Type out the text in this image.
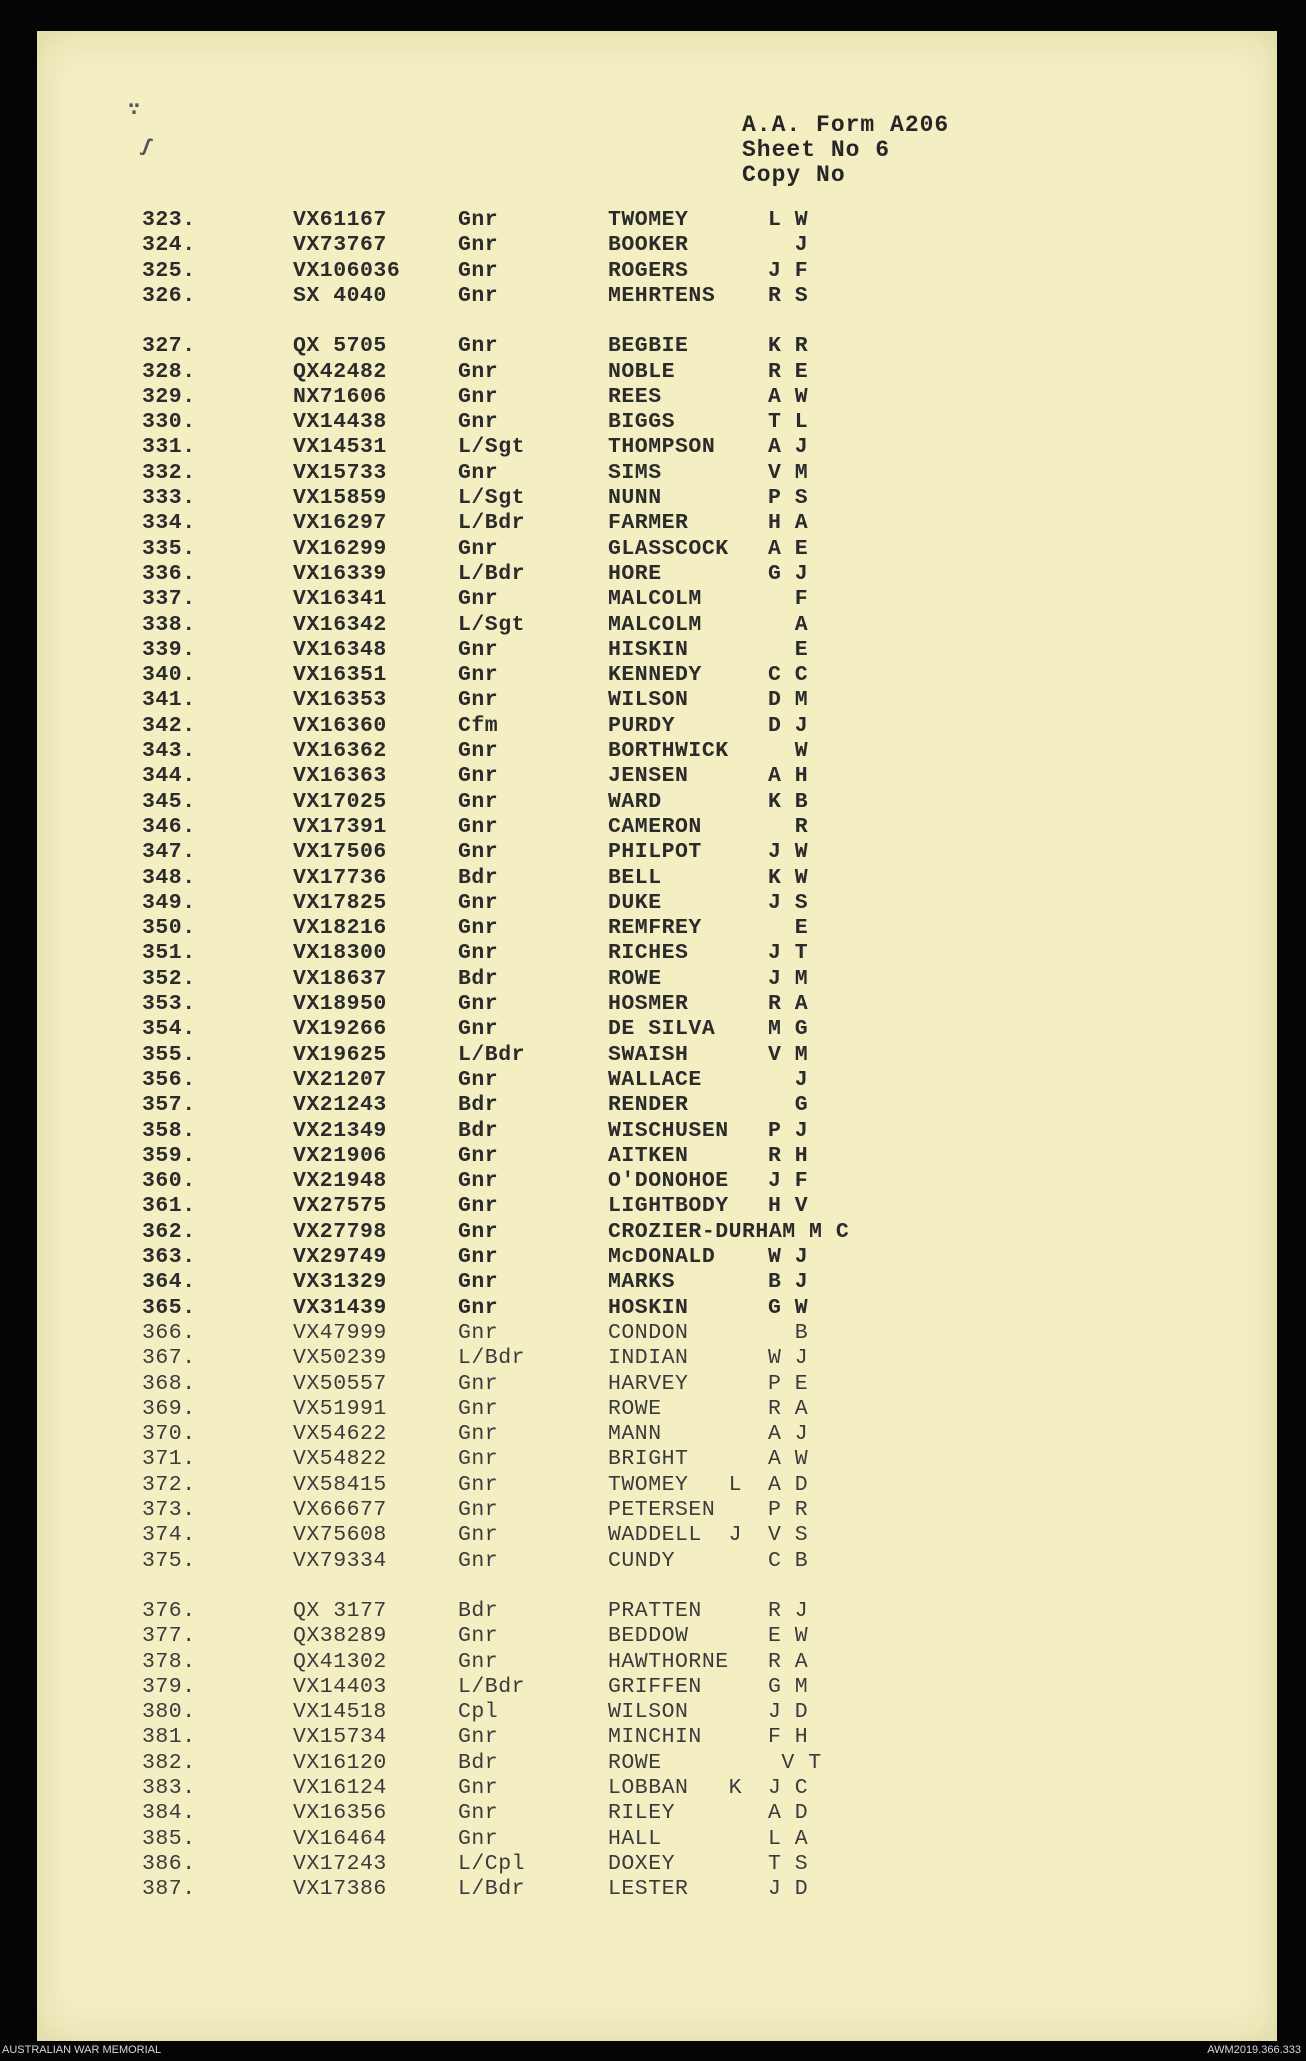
∵
ʃ
A.A. Form A206
Sheet No 6
Copy No
323.	VX61167	Gnr	TWOMEY	L W
324.	VX73767	Gnr	BOOKER	J
325.	VX106036	Gnr	ROGERS	J F
326.	SX 4040	Gnr	MEHRTENS R S
327.	QX 5705	Gnr	BEGBIE	K R
328.	QX42482	Gnr	NOBLE	R E
329.	NX71606	Gnr	REES	A W
330.	VX14438	Gnr	BIGGS	T L
331.	VX14531	L/Sgt	THOMPSON A J
332.	VX15733	Gnr	SIMS	V M
333.	VX15859	L/Sgt	NUNN	P S
334.	VX16297	L/Bdr	FARMER	H A
335.	VX16299	Gnr	GLASSCOCK A E
336.	VX16339	L/Bdr	HORE	G J
337.	VX16341	Gnr	MALCOLM	F
338.	VX16342	L/Sgt	MALCOLM	A
339.	VX16348	Gnr	HISKIN	E
340.	VX16351	Gnr	KENNEDY	C C
341.	VX16353	Gnr	WILSON	D M
342.	VX16360	Cfm	PURDY	D J
343.	VX16362	Gnr	BORTHWICK W
344.	VX16363	Gnr	JENSEN	A H
345.	VX17025	Gnr	WARD	K B
346.	VX17391	Gnr	CAMERON	R
347.	VX17506	Gnr	PHILPOT	J W
348.	VX17736	Bdr	BELL	K W
349.	VX17825	Gnr	DUKE	J S
350.	VX18216	Gnr	REMFREY	E
351.	VX18300	Gnr	RICHES	J T
352.	VX18637	Bdr	ROWE	J M
353.	VX18950	Gnr	HOSMER	R A
354.	VX19266	Gnr	DE SILVA M G
355.	VX19625	L/Bdr	SWAISH	V M
356.	VX21207	Gnr	WALLACE	J
357.	VX21243	Bdr	RENDER	G
358.	VX21349	Bdr	WISCHUSEN P J
359.	VX21906	Gnr	AITKEN	R H
360.	VX21948	Gnr	O'DONOHOE J F
361.	VX27575	Gnr	LIGHTBODY H V
362.	VX27798	Gnr	CROZIER-DURHAM M C
363.	VX29749	Gnr	McDONALD W J
364.	VX31329	Gnr	MARKS	B J
365.	VX31439	Gnr	HOSKIN	G W
366.	VX47999	Gnr	CONDON	B
367.	VX50239	L/Bdr	INDIAN	W J
368.	VX50557	Gnr	HARVEY	P E
369.	VX51991	Gnr	ROWE	R A
370.	VX54622	Gnr	MANN	A J
371.	VX54822	Gnr	BRIGHT	A W
372.	VX58415	Gnr	TWOMEY   L A D
373.	VX66677	Gnr	PETERSEN P R
374.	VX75608	Gnr	WADDELL  J V S
375.	VX79334	Gnr	CUNDY	C B
376.	QX 3177	Bdr	PRATTEN	R J
377.	QX38289	Gnr	BEDDOW	E W
378.	QX41302	Gnr	HAWTHORNE R A
379.	VX14403	L/Bdr	GRIFFEN	G M
380.	VX14518	Cpl	WILSON	J D
381.	VX15734	Gnr	MINCHIN	F H
382.	VX16120	Bdr	ROWE	V T
383.	VX16124	Gnr	LOBBAN   K J C
384.	VX16356	Gnr	RILEY	A D
385.	VX16464	Gnr	HALL	L A
386.	VX17243	L/Cpl	DOXEY	T S
387.	VX17386	L/Bdr	LESTER	J D
AUSTRALIAN WAR MEMORIAL	AWM2019.366.333
